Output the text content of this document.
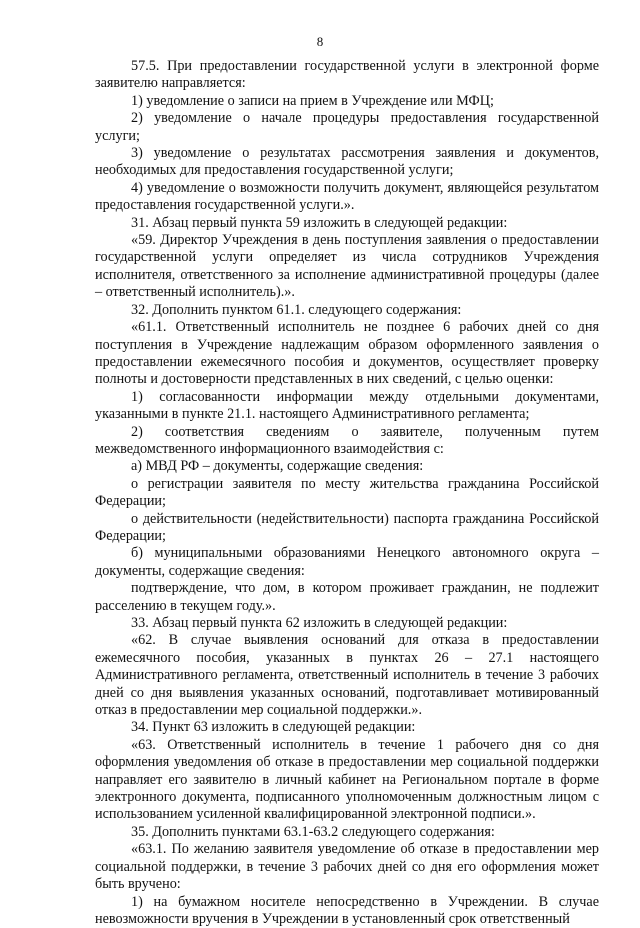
8

57.5. При предоставлении государственной услуги в электронной форме заявителю направляется:

1) уведомление о записи на прием в Учреждение или МФЦ;

2) уведомление о начале процедуры предоставления государственной услуги;

3) уведомление о результатах рассмотрения заявления и документов, необходимых для предоставления государственной услуги;

4) уведомление о возможности получить документ, являющейся результатом предоставления государственной услуги.».

31. Абзац первый пункта 59 изложить в следующей редакции:

«59. Директор Учреждения в день поступления заявления о предоставлении государственной услуги определяет из числа сотрудников Учреждения исполнителя, ответственного за исполнение административной процедуры (далее – ответственный исполнитель).».

32. Дополнить пунктом 61.1. следующего содержания:

«61.1. Ответственный исполнитель не позднее 6 рабочих дней со дня поступления в Учреждение надлежащим образом оформленного заявления о предоставлении ежемесячного пособия и документов, осуществляет проверку полноты и достоверности представленных в них сведений, с целью оценки:

1) согласованности информации между отдельными документами, указанными в пункте 21.1. настоящего Административного регламента;

2) соответствия сведениям о заявителе, полученным путем межведомственного информационного взаимодействия с:

а) МВД РФ – документы, содержащие сведения:

о регистрации заявителя по месту жительства гражданина Российской Федерации;

о действительности (недействительности) паспорта гражданина Российской Федерации;

б) муниципальными образованиями Ненецкого автономного округа – документы, содержащие сведения:

подтверждение, что дом, в котором проживает гражданин, не подлежит расселению в текущем году.».

33. Абзац первый пункта 62 изложить в следующей редакции:

«62. В случае выявления оснований для отказа в предоставлении ежемесячного пособия, указанных в пунктах 26 – 27.1 настоящего Административного регламента, ответственный исполнитель в течение 3 рабочих дней со дня выявления указанных оснований, подготавливает мотивированный отказ в предоставлении мер социальной поддержки.».

34. Пункт 63 изложить в следующей редакции:

«63. Ответственный исполнитель в течение 1 рабочего дня со дня оформления уведомления об отказе в предоставлении мер социальной поддержки направляет его заявителю в личный кабинет на Региональном портале в форме электронного документа, подписанного уполномоченным должностным лицом с использованием усиленной квалифицированной электронной подписи.».

35. Дополнить пунктами 63.1-63.2 следующего содержания:

«63.1. По желанию заявителя уведомление об отказе в предоставлении мер социальной поддержки, в течение 3 рабочих дней со дня его оформления может быть вручено:

1) на бумажном носителе непосредственно в Учреждении. В случае невозможности вручения в Учреждении в установленный срок ответственный
